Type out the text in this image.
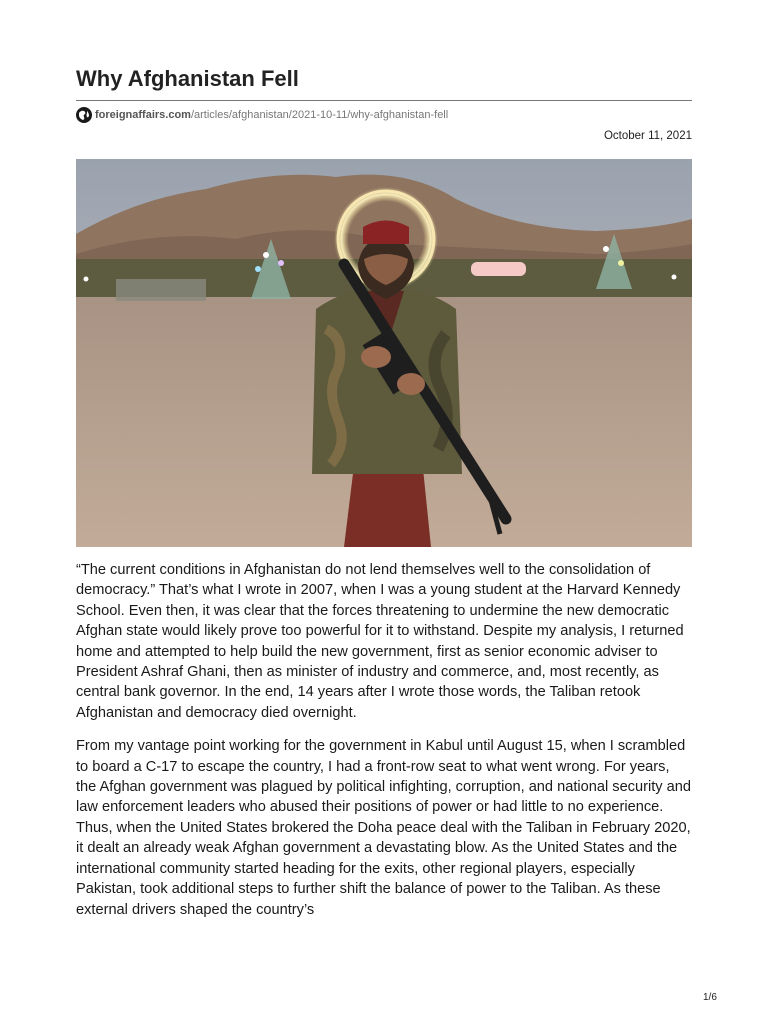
Why Afghanistan Fell
foreignaffairs.com /articles/afghanistan/2021-10-11/why-afghanistan-fell
October 11, 2021

“The current conditions in Afghanistan do not lend themselves well to the consolidation of democracy.” That’s what I wrote in 2007, when I was a young student at the Harvard Kennedy School. Even then, it was clear that the forces threatening to undermine the new democratic Afghan state would likely prove too powerful for it to withstand. Despite my analysis, I returned home and attempted to help build the new government, first as senior economic adviser to President Ashraf Ghani, then as minister of industry and commerce, and, most recently, as central bank governor. In the end, 14 years after I wrote those words, the Taliban retook Afghanistan and democracy died overnight.

From my vantage point working for the government in Kabul until August 15, when I scrambled to board a C-17 to escape the country, I had a front-row seat to what went wrong. For years, the Afghan government was plagued by political infighting, corruption, and national security and law enforcement leaders who abused their positions of power or had little to no experience. Thus, when the United States brokered the Doha peace deal with the Taliban in February 2020, it dealt an already weak Afghan government a devastating blow. As the United States and the international community started heading for the exits, other regional players, especially Pakistan, took additional steps to further shift the balance of power to the Taliban. As these external drivers shaped the country’s

1/6
